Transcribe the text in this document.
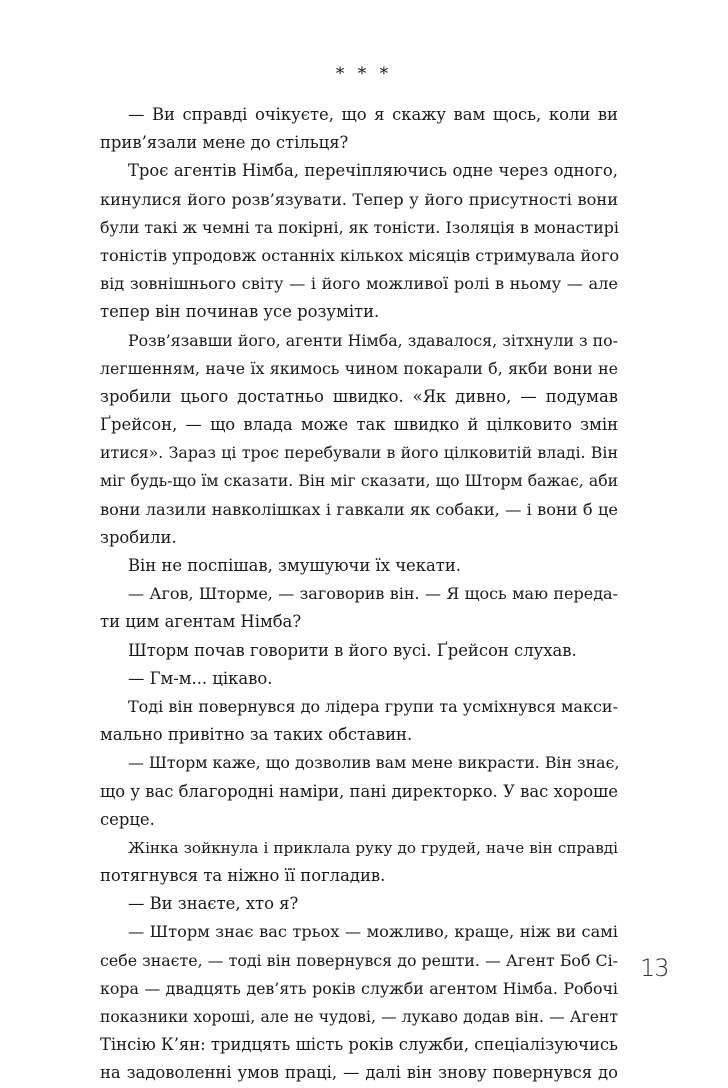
* * *
— Ви справді очікуєте, що я скажу вам щось, коли ви
прив’язали мене до стільця?
Троє агентів Німба, перечіпляючись одне через одного,
кинулися його розв’язувати. Тепер у його присутності вони
були такі ж чемні та покірні, як тоністи. Ізоляція в монастирі
тоністів упродовж останніх кількох місяців стримувала його
від зовнішнього світу — і його можливої ролі в ньому — але
тепер він починав усе розуміти.
Розв’язавши його, агенти Німба, здавалося, зітхнули з по-
легшенням, наче їх якимось чином покарали б, якби вони не
зробили цього достатньо швидко. «Як дивно, — подумав
Ґрейсон, — що влада може так швидко й цілковито змін
итися». Зараз ці троє перебували в його цілковитій владі. Він
міг будь-що їм сказати. Він міг сказати, що Шторм бажає, аби
вони лазили навколішках і гавкали як собаки, — і вони б це
зробили.
Він не поспішав, змушуючи їх чекати.
— Агов, Шторме, — заговорив він. — Я щось маю переда-
ти цим агентам Німба?
Шторм почав говорити в його вусі. Ґрейсон слухав.
— Гм-м... цікаво.
Тоді він повернувся до лідера групи та усміхнувся макси-
мально привітно за таких обставин.
— Шторм каже, що дозволив вам мене викрасти. Він знає,
що у вас благородні наміри, пані директорко. У вас хороше
серце.
Жінка зойкнула і приклала руку до грудей, наче він справді
потягнувся та ніжно її погладив.
— Ви знаєте, хто я?
— Шторм знає вас трьох — можливо, краще, ніж ви самі
себе знаєте, — тоді він повернувся до решти. — Агент Боб Сі-
кора — двадцять дев’ять років служби агентом Німба. Робочі
показники хороші, але не чудові, — лукаво додав він. — Агент
Тінсію К’ян: тридцять шість років служби, спеціалізуючись
на задоволенні умов праці, — далі він знову повернувся до
13
